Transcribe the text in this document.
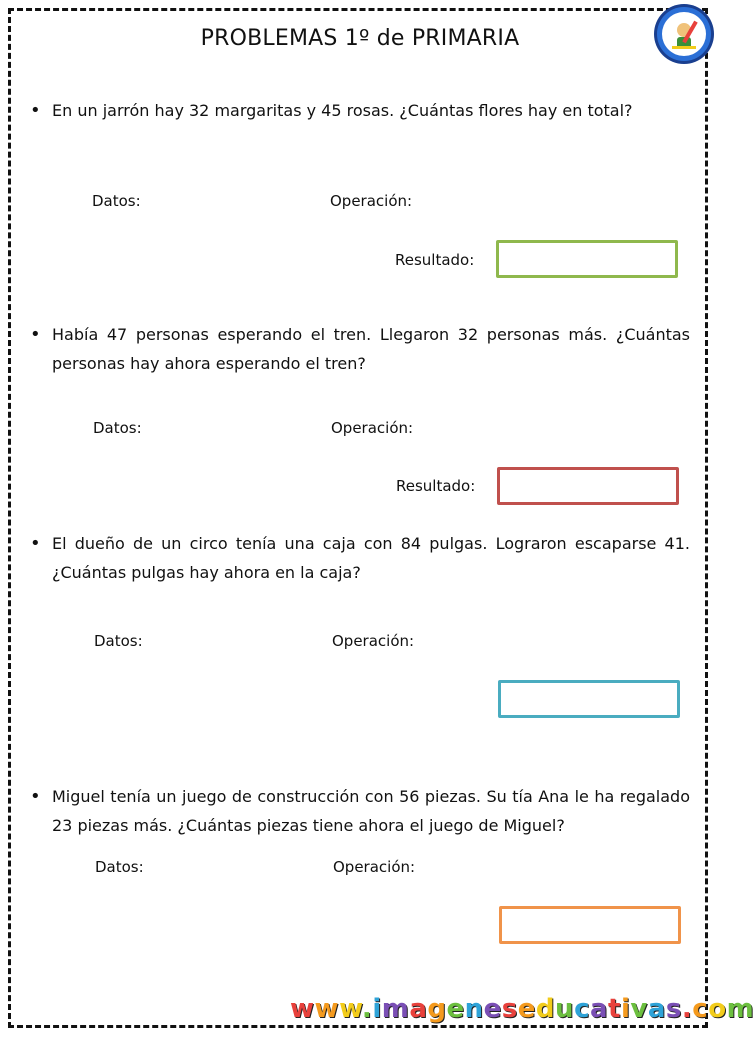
PROBLEMAS 1º de PRIMARIA
• En un jarrón hay 32 margaritas y 45 rosas. ¿Cuántas flores hay en total?
Datos:	Operación:
Resultado:
• Había 47 personas esperando el tren. Llegaron 32 personas más. ¿Cuántas personas hay ahora esperando el tren?
Datos:	Operación:
Resultado:
• El dueño de un circo tenía una caja con 84 pulgas. Lograron escaparse 41. ¿Cuántas pulgas hay ahora en la caja?
Datos:	Operación:
• Miguel tenía un juego de construcción con 56 piezas. Su tía Ana le ha regalado 23 piezas más. ¿Cuántas piezas tiene ahora el juego de Miguel?
Datos:	Operación:
www.imageneseducativas.com
